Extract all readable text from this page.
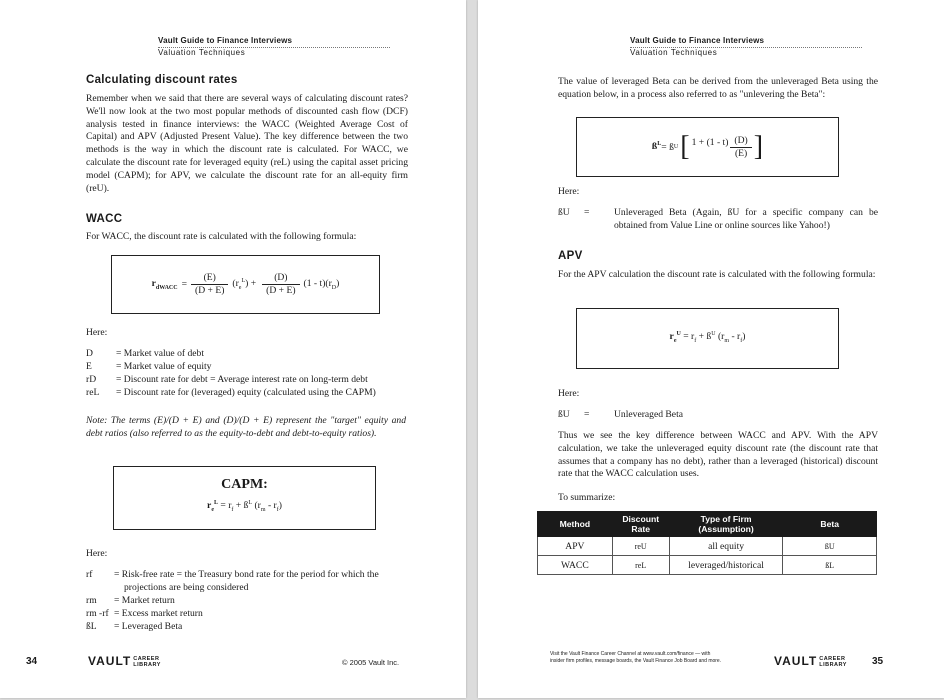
Vault Guide to Finance Interviews
Valuation Techniques
Calculating discount rates

Remember when we said that there are several ways of calculating discount rates? We'll now look at the two most popular methods of discounted cash flow (DCF) analysis tested in finance interviews: the WACC (Weighted Average Cost of Capital) and APV (Adjusted Present Value). The key difference between the two methods is the way in which the discount rate is calculated. For WACC, we calculate the discount rate for leveraged equity (reL) using the capital asset pricing model (CAPM); for APV, we calculate the discount rate for an all-equity firm (reU).

WACC

For WACC, the discount rate is calculated with the following formula:

$r_{dWACC} = \frac{(E)}{(D + E)} (r_e^L) + \frac{(D)}{(D + E)} (1 - t)(r_D)$

Here:

D = Market value of debt
E	= Market value of equity
rD = Discount rate for debt = Average interest rate on long-term debt
reL = Discount rate for (leveraged) equity (calculated using the CAPM)

Note: The terms (E)/(D + E) and (D)/(D + E) represent the "target" equity and debt ratios (also referred to as the equity-to-debt and debt-to-equity ratios).

CAPM:
$r_e^L = r_f$ + $ß^L$ $(r_m - r_f)$

Here:

rf = Risk-free rate = the Treasury bond rate for the period for which the
projections are being considered
rm = Market return
rm -rf = Excess market return
ßL = Leveraged Beta
34	VAULT CAREER
LIBRARY	© 2005 Vault Inc.
Vault Guide to Finance Interviews
Valuation Techniques

The value of leveraged Beta can be derived from the unleveraged Beta using the equation below, in a process also referred to as "unlevering the Beta":

$ß^L$ = ß U [ $1 + (1 - t) \frac{(D)}{(E)}$ ]

Here:

ßU =	Unleveraged Beta (Again, ßU for a specific company can be obtained from Value Line or online sources like Yahoo!)

APV

For the APV calculation the discount rate is calculated with the following formula:

$r_e^U = r_f$ + $ß^U$ $(r_m - r_f)$

Here:

ßU =	Unleveraged Beta

Thus we see the key difference between WACC and APV. With the APV calculation, we take the unleveraged equity discount rate (the discount rate that assumes that a company has no debt), rather than a leveraged (historical) discount rate that the WACC calculation uses.

To summarize:

Method	Discount Rate	Type of Firm (Assumption)	Beta
APV	reU	all equity	ßU
WACC	reL	leveraged/historical	ßL
Visit the Vault Finance Career Channel at www.vault.com/finance — with
insider firm profiles, message boards, the Vault Finance Job Board and more.	VAULT CAREER
LIBRARY	35
